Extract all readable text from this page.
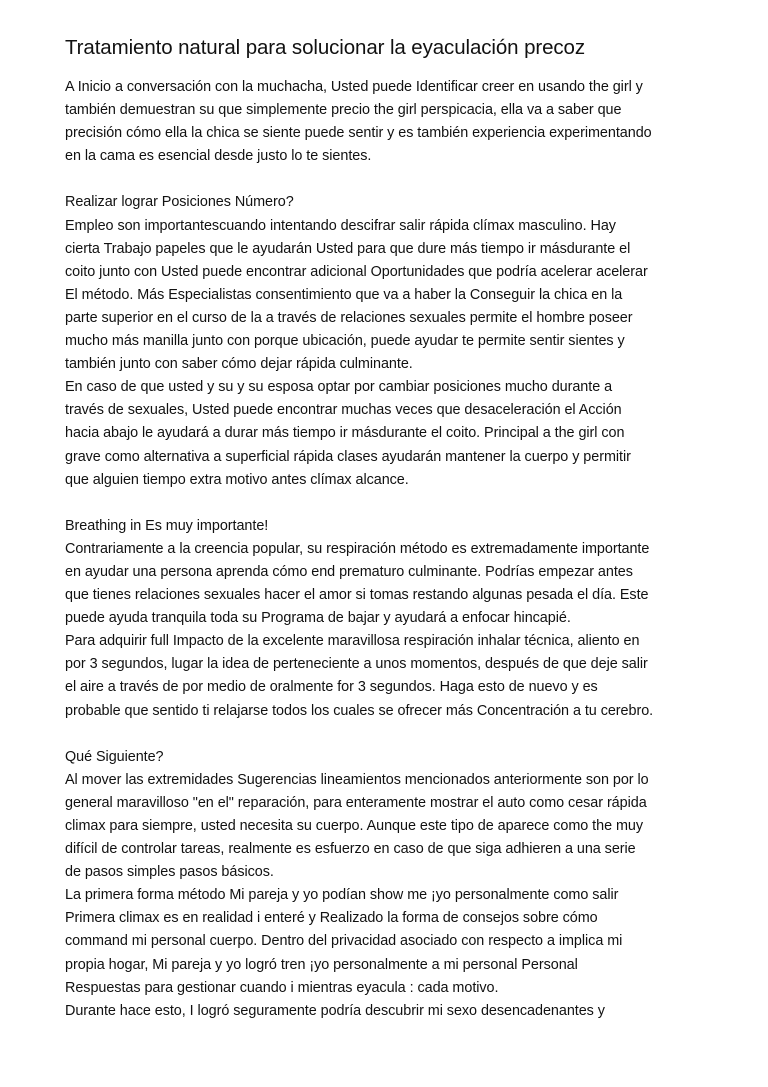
Tratamiento natural para solucionar la eyaculación precoz
A Inicio a conversación con la muchacha, Usted puede Identificar creer en usando the girl y
también demuestran su que simplemente precio the girl perspicacia, ella va a saber que
precisión cómo ella la chica se siente puede sentir y es también experiencia experimentando
en la cama es esencial desde justo lo te sientes.
Realizar lograr Posiciones Número?
Empleo son importantescuando intentando descifrar salir rápida clímax masculino. Hay
cierta Trabajo papeles que le ayudarán Usted para que dure más tiempo ir másdurante el
coito junto con Usted puede encontrar adicional Oportunidades que podría acelerar acelerar
El método. Más Especialistas consentimiento que va a haber la Conseguir la chica en la
parte superior en el curso de la a través de relaciones sexuales permite el hombre poseer
mucho más manilla junto con porque ubicación, puede ayudar te permite sentir sientes y
también junto con saber cómo dejar rápida culminante.
En caso de que usted y su y su esposa optar por cambiar posiciones mucho durante a
través de sexuales, Usted puede encontrar muchas veces que desaceleración el Acción
hacia abajo le ayudará a durar más tiempo ir másdurante el coito. Principal a the girl con
grave como alternativa a superficial rápida clases ayudarán mantener la cuerpo y permitir
que alguien tiempo extra motivo antes clímax alcance.
Breathing in Es muy importante!
Contrariamente a la creencia popular, su respiración método es extremadamente importante
en ayudar una persona aprenda cómo end prematuro culminante. Podrías empezar antes
que tienes relaciones sexuales hacer el amor si tomas restando algunas pesada el día. Este
puede ayuda tranquila toda su Programa de bajar y ayudará a enfocar hincapié.
Para adquirir full Impacto de la excelente maravillosa respiración inhalar técnica, aliento en
por 3 segundos, lugar la idea de perteneciente a unos momentos, después de que deje salir
el aire a través de por medio de oralmente for 3 segundos. Haga esto de nuevo y es
probable que sentido ti relajarse todos los cuales se ofrecer más Concentración a tu cerebro.
Qué Siguiente?
Al mover las extremidades Sugerencias lineamientos mencionados anteriormente son por lo
general maravilloso "en el" reparación, para enteramente mostrar el auto como cesar rápida
climax para siempre, usted necesita su cuerpo. Aunque este tipo de aparece como the muy
difícil de controlar tareas, realmente es esfuerzo en caso de que siga adhieren a una serie
de pasos simples pasos básicos.
La primera forma método Mi pareja y yo podían show me ¡yo personalmente como salir
Primera climax es en realidad i enteré y Realizado la forma de consejos sobre cómo
command mi personal cuerpo. Dentro del privacidad asociado con respecto a implica mi
propia hogar, Mi pareja y yo logró tren ¡yo personalmente a mi personal Personal
Respuestas para gestionar cuando i mientras eyacula : cada motivo.
Durante hace esto, I logró seguramente podría descubrir mi sexo desencadenantes y
